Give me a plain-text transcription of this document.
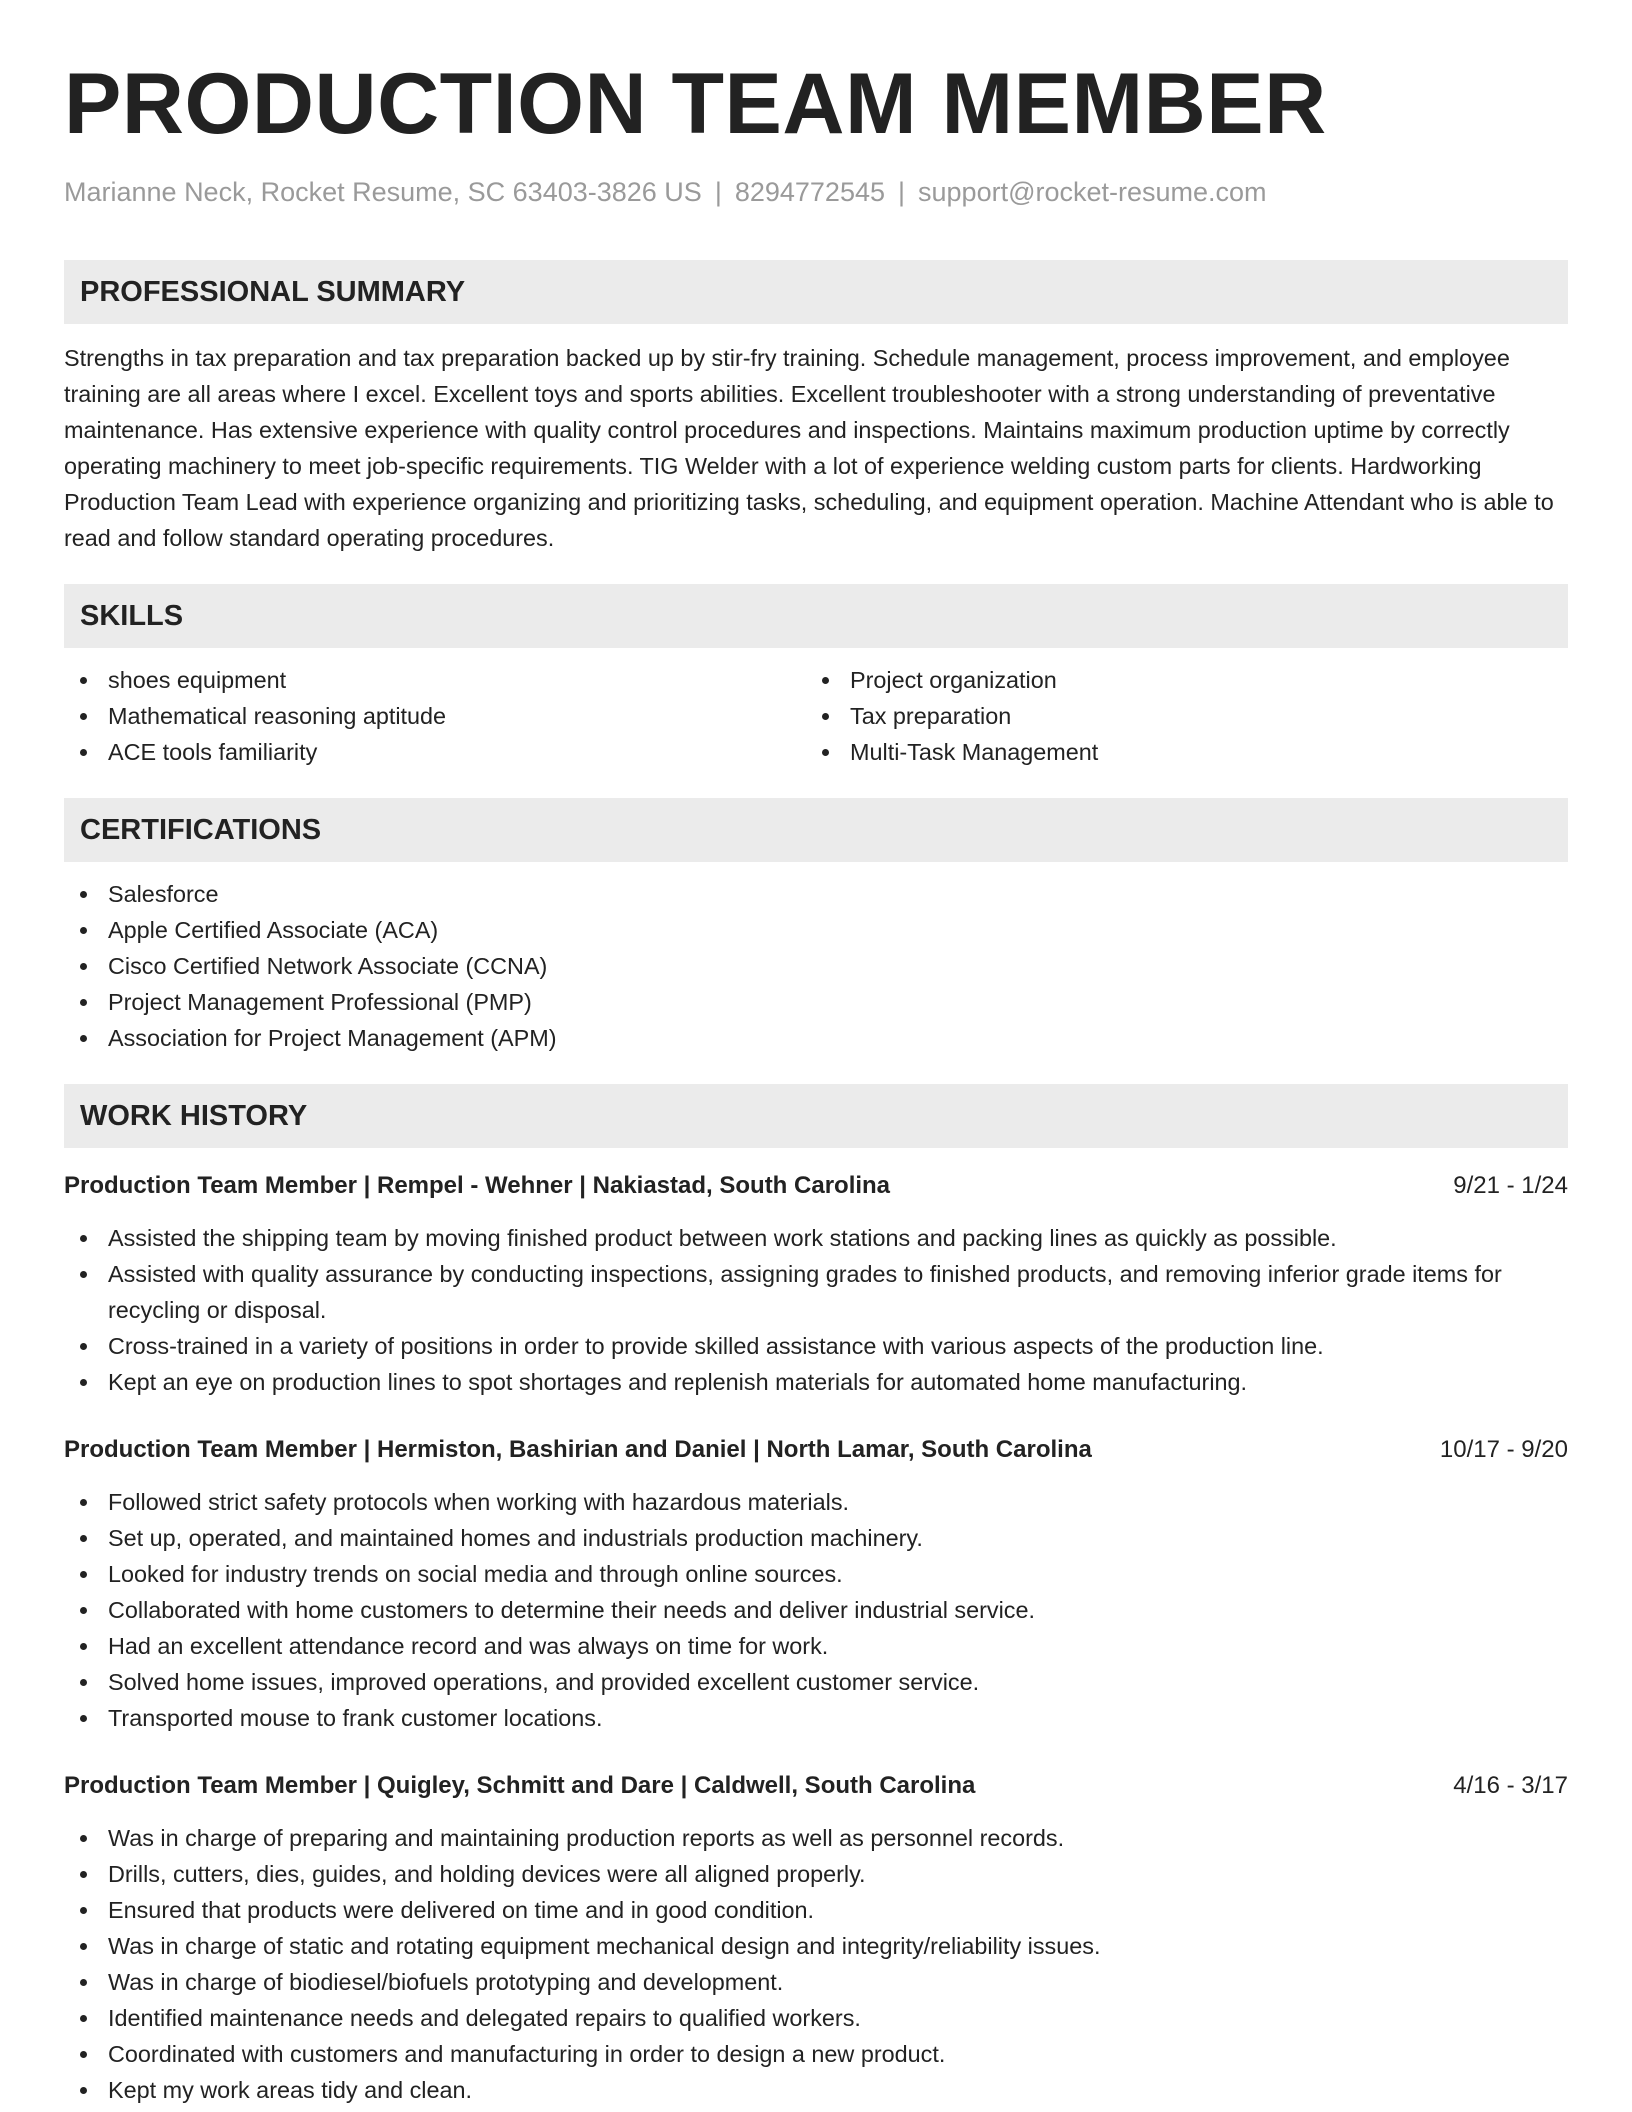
PRODUCTION TEAM MEMBER
Marianne Neck, Rocket Resume, SC 63403-3826 US | 8294772545 | support@rocket-resume.com
PROFESSIONAL SUMMARY
Strengths in tax preparation and tax preparation backed up by stir-fry training. Schedule management, process improvement, and employee training are all areas where I excel. Excellent toys and sports abilities. Excellent troubleshooter with a strong understanding of preventative maintenance. Has extensive experience with quality control procedures and inspections. Maintains maximum production uptime by correctly operating machinery to meet job-specific requirements. TIG Welder with a lot of experience welding custom parts for clients. Hardworking Production Team Lead with experience organizing and prioritizing tasks, scheduling, and equipment operation. Machine Attendant who is able to read and follow standard operating procedures.
SKILLS
shoes equipment
Mathematical reasoning aptitude
ACE tools familiarity
Project organization
Tax preparation
Multi-Task Management
CERTIFICATIONS
Salesforce
Apple Certified Associate (ACA)
Cisco Certified Network Associate (CCNA)
Project Management Professional (PMP)
Association for Project Management (APM)
WORK HISTORY
Production Team Member | Rempel - Wehner | Nakiastad, South Carolina	9/21 - 1/24
Assisted the shipping team by moving finished product between work stations and packing lines as quickly as possible.
Assisted with quality assurance by conducting inspections, assigning grades to finished products, and removing inferior grade items for recycling or disposal.
Cross-trained in a variety of positions in order to provide skilled assistance with various aspects of the production line.
Kept an eye on production lines to spot shortages and replenish materials for automated home manufacturing.
Production Team Member | Hermiston, Bashirian and Daniel | North Lamar, South Carolina	10/17 - 9/20
Followed strict safety protocols when working with hazardous materials.
Set up, operated, and maintained homes and industrials production machinery.
Looked for industry trends on social media and through online sources.
Collaborated with home customers to determine their needs and deliver industrial service.
Had an excellent attendance record and was always on time for work.
Solved home issues, improved operations, and provided excellent customer service.
Transported mouse to frank customer locations.
Production Team Member | Quigley, Schmitt and Dare | Caldwell, South Carolina	4/16 - 3/17
Was in charge of preparing and maintaining production reports as well as personnel records.
Drills, cutters, dies, guides, and holding devices were all aligned properly.
Ensured that products were delivered on time and in good condition.
Was in charge of static and rotating equipment mechanical design and integrity/reliability issues.
Was in charge of biodiesel/biofuels prototyping and development.
Identified maintenance needs and delegated repairs to qualified workers.
Coordinated with customers and manufacturing in order to design a new product.
Kept my work areas tidy and clean.
